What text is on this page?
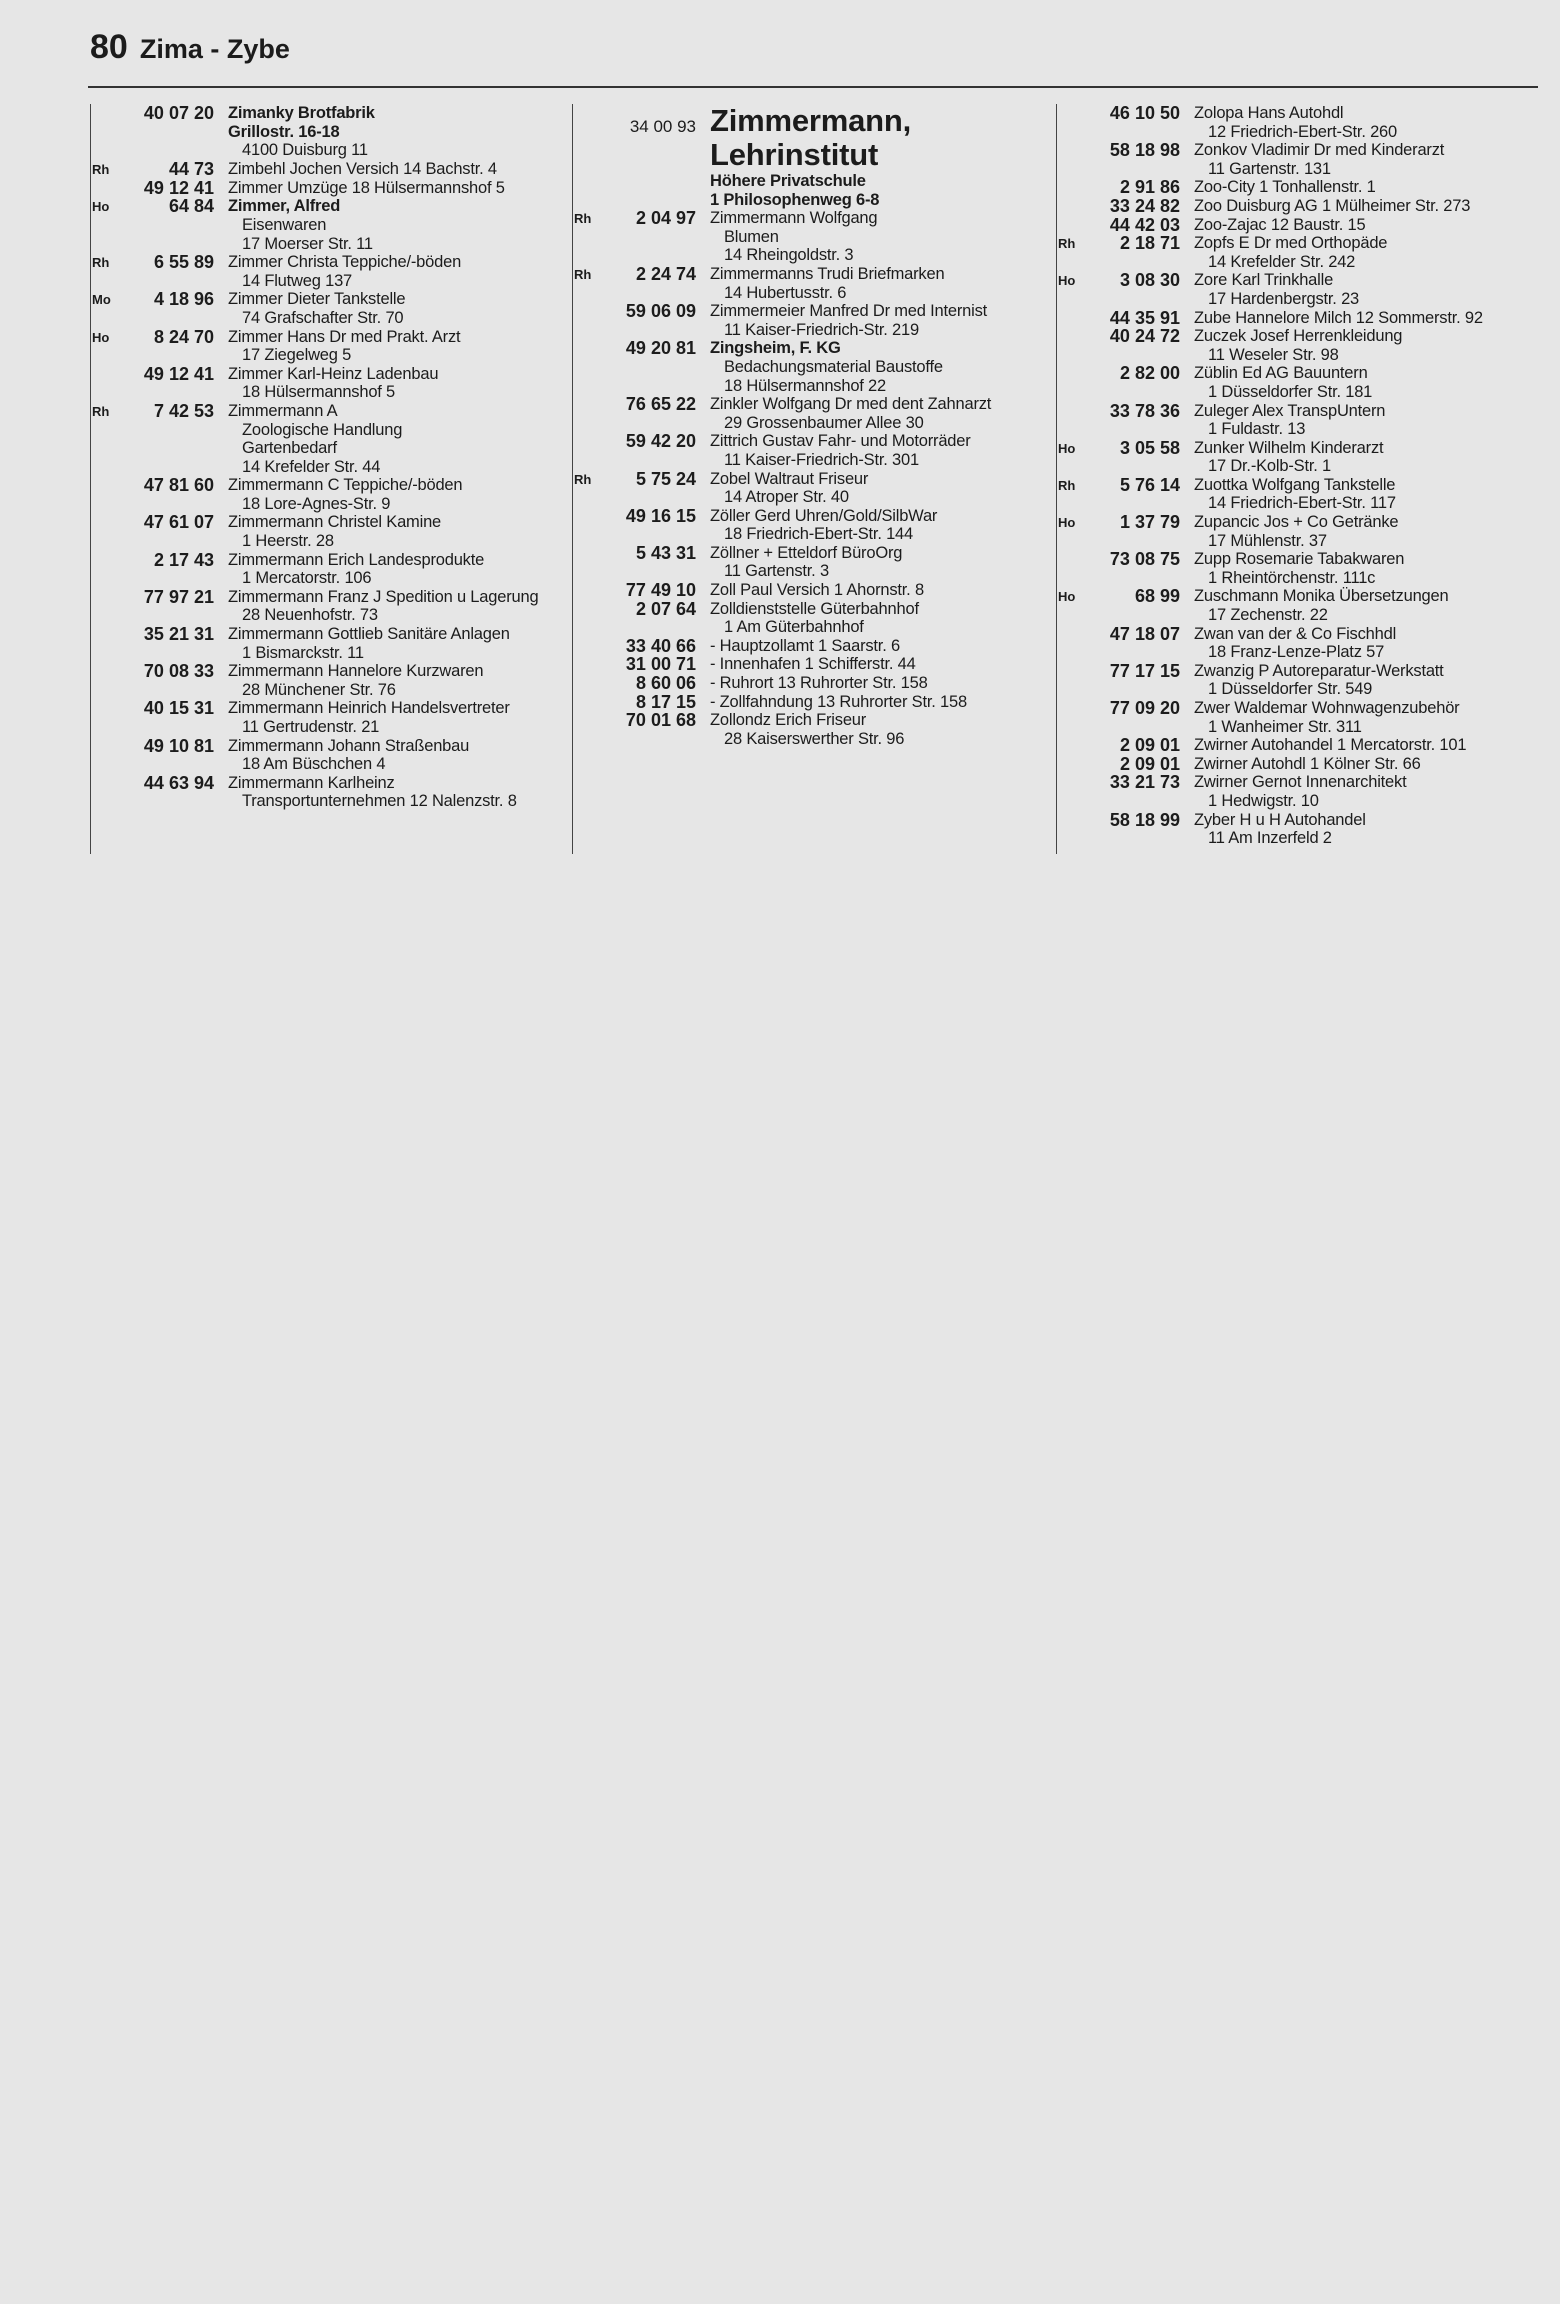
80 Zima - Zybe
40 07 20 Zimanky Brotfabrik
Grillostr. 16-18
4100 Duisburg 11
Rh	44 73 Zimbehl Jochen Versich 14 Bachstr. 4
49 12 41 Zimmer Umzüge 18 Hülsermannshof 5
Ho	64 84 Zimmer, Alfred
Eisenwaren
17 Moerser Str. 11
Rh	6 55 89 Zimmer Christa Teppiche/-böden
14 Flutweg 137
Mo	4 18 96 Zimmer Dieter Tankstelle
74 Grafschafter Str. 70
Ho	8 24 70 Zimmer Hans Dr med Prakt. Arzt
17 Ziegelweg 5
49 12 41 Zimmer Karl-Heinz Ladenbau
18 Hülsermannshof 5
Rh	7 42 53 Zimmermann A
Zoologische Handlung
Gartenbedarf
14 Krefelder Str. 44
47 81 60 Zimmermann C Teppiche/-böden
18 Lore-Agnes-Str. 9
47 61 07 Zimmermann Christel Kamine
1 Heerstr. 28
2 17 43 Zimmermann Erich Landesprodukte
1 Mercatorstr. 106
77 97 21 Zimmermann Franz J Spedition u Lagerung
28 Neuenhofstr. 73
35 21 31 Zimmermann Gottlieb Sanitäre Anlagen
1 Bismarckstr. 11
70 08 33 Zimmermann Hannelore Kurzwaren
28 Münchener Str. 76
40 15 31 Zimmermann Heinrich Handelsvertreter
11 Gertrudenstr. 21
49 10 81 Zimmermann Johann Straßenbau
18 Am Büschchen 4
44 63 94 Zimmermann Karlheinz
Transportunternehmen 12 Nalenzstr. 8
34 00 93 Zimmermann,
Lehrinstitut
Höhere Privatschule
1 Philosophenweg 6-8
Rh	2 04 97 Zimmermann Wolfgang
Blumen
14 Rheingoldstr. 3
Rh	2 24 74 Zimmermanns Trudi Briefmarken
14 Hubertusstr. 6
59 06 09 Zimmermeier Manfred Dr med Internist
11 Kaiser-Friedrich-Str. 219
49 20 81 Zingsheim, F. KG
Bedachungsmaterial Baustoffe
18 Hülsermannshof 22
76 65 22 Zinkler Wolfgang Dr med dent Zahnarzt
29 Grossenbaumer Allee 30
59 42 20 Zittrich Gustav Fahr- und Motorräder
11 Kaiser-Friedrich-Str. 301
Rh	5 75 24 Zobel Waltraut Friseur
14 Atroper Str. 40
49 16 15 Zöller Gerd Uhren/Gold/SilbWar
18 Friedrich-Ebert-Str. 144
5 43 31 Zöllner + Etteldorf BüroOrg
11 Gartenstr. 3
77 49 10 Zoll Paul Versich 1 Ahornstr. 8
2 07 64 Zolldienststelle Güterbahnhof
1 Am Güterbahnhof
33 40 66 - Hauptzollamt 1 Saarstr. 6
31 00 71 - Innenhafen 1 Schifferstr. 44
8 60 06 - Ruhrort 13 Ruhrorter Str. 158
8 17 15 - Zollfahndung 13 Ruhrorter Str. 158
70 01 68 Zollondz Erich Friseur
28 Kaiserswerther Str. 96
46 10 50 Zolopa Hans Autohdl
12 Friedrich-Ebert-Str. 260
58 18 98 Zonkov Vladimir Dr med Kinderarzt
11 Gartenstr. 131
2 91 86 Zoo-City 1 Tonhallenstr. 1
33 24 82 Zoo Duisburg AG 1 Mülheimer Str. 273
44 42 03 Zoo-Zajac 12 Baustr. 15
Rh	2 18 71 Zopfs E Dr med Orthopäde
14 Krefelder Str. 242
Ho	3 08 30 Zore Karl Trinkhalle
17 Hardenbergstr. 23
44 35 91 Zube Hannelore Milch 12 Sommerstr. 92
40 24 72 Zuczek Josef Herrenkleidung
11 Weseler Str. 98
2 82 00 Züblin Ed AG Bauuntern
1 Düsseldorfer Str. 181
33 78 36 Zuleger Alex TranspUntern
1 Fuldastr. 13
Ho	3 05 58 Zunker Wilhelm Kinderarzt
17 Dr.-Kolb-Str. 1
Rh	5 76 14 Zuottka Wolfgang Tankstelle
14 Friedrich-Ebert-Str. 117
Ho	1 37 79 Zupancic Jos + Co Getränke
17 Mühlenstr. 37
73 08 75 Zupp Rosemarie Tabakwaren
1 Rheintörchenstr. 111c
Ho	68 99 Zuschmann Monika Übersetzungen
17 Zechenstr. 22
47 18 07 Zwan van der & Co Fischhdl
18 Franz-Lenze-Platz 57
77 17 15 Zwanzig P Autoreparatur-Werkstatt
1 Düsseldorfer Str. 549
77 09 20 Zwer Waldemar Wohnwagenzubehör
1 Wanheimer Str. 311
2 09 01 Zwirner Autohandel 1 Mercatorstr. 101
2 09 01 Zwirner Autohdl 1 Kölner Str. 66
33 21 73 Zwirner Gernot Innenarchitekt
1 Hedwigstr. 10
58 18 99 Zyber H u H Autohandel
11 Am Inzerfeld 2
